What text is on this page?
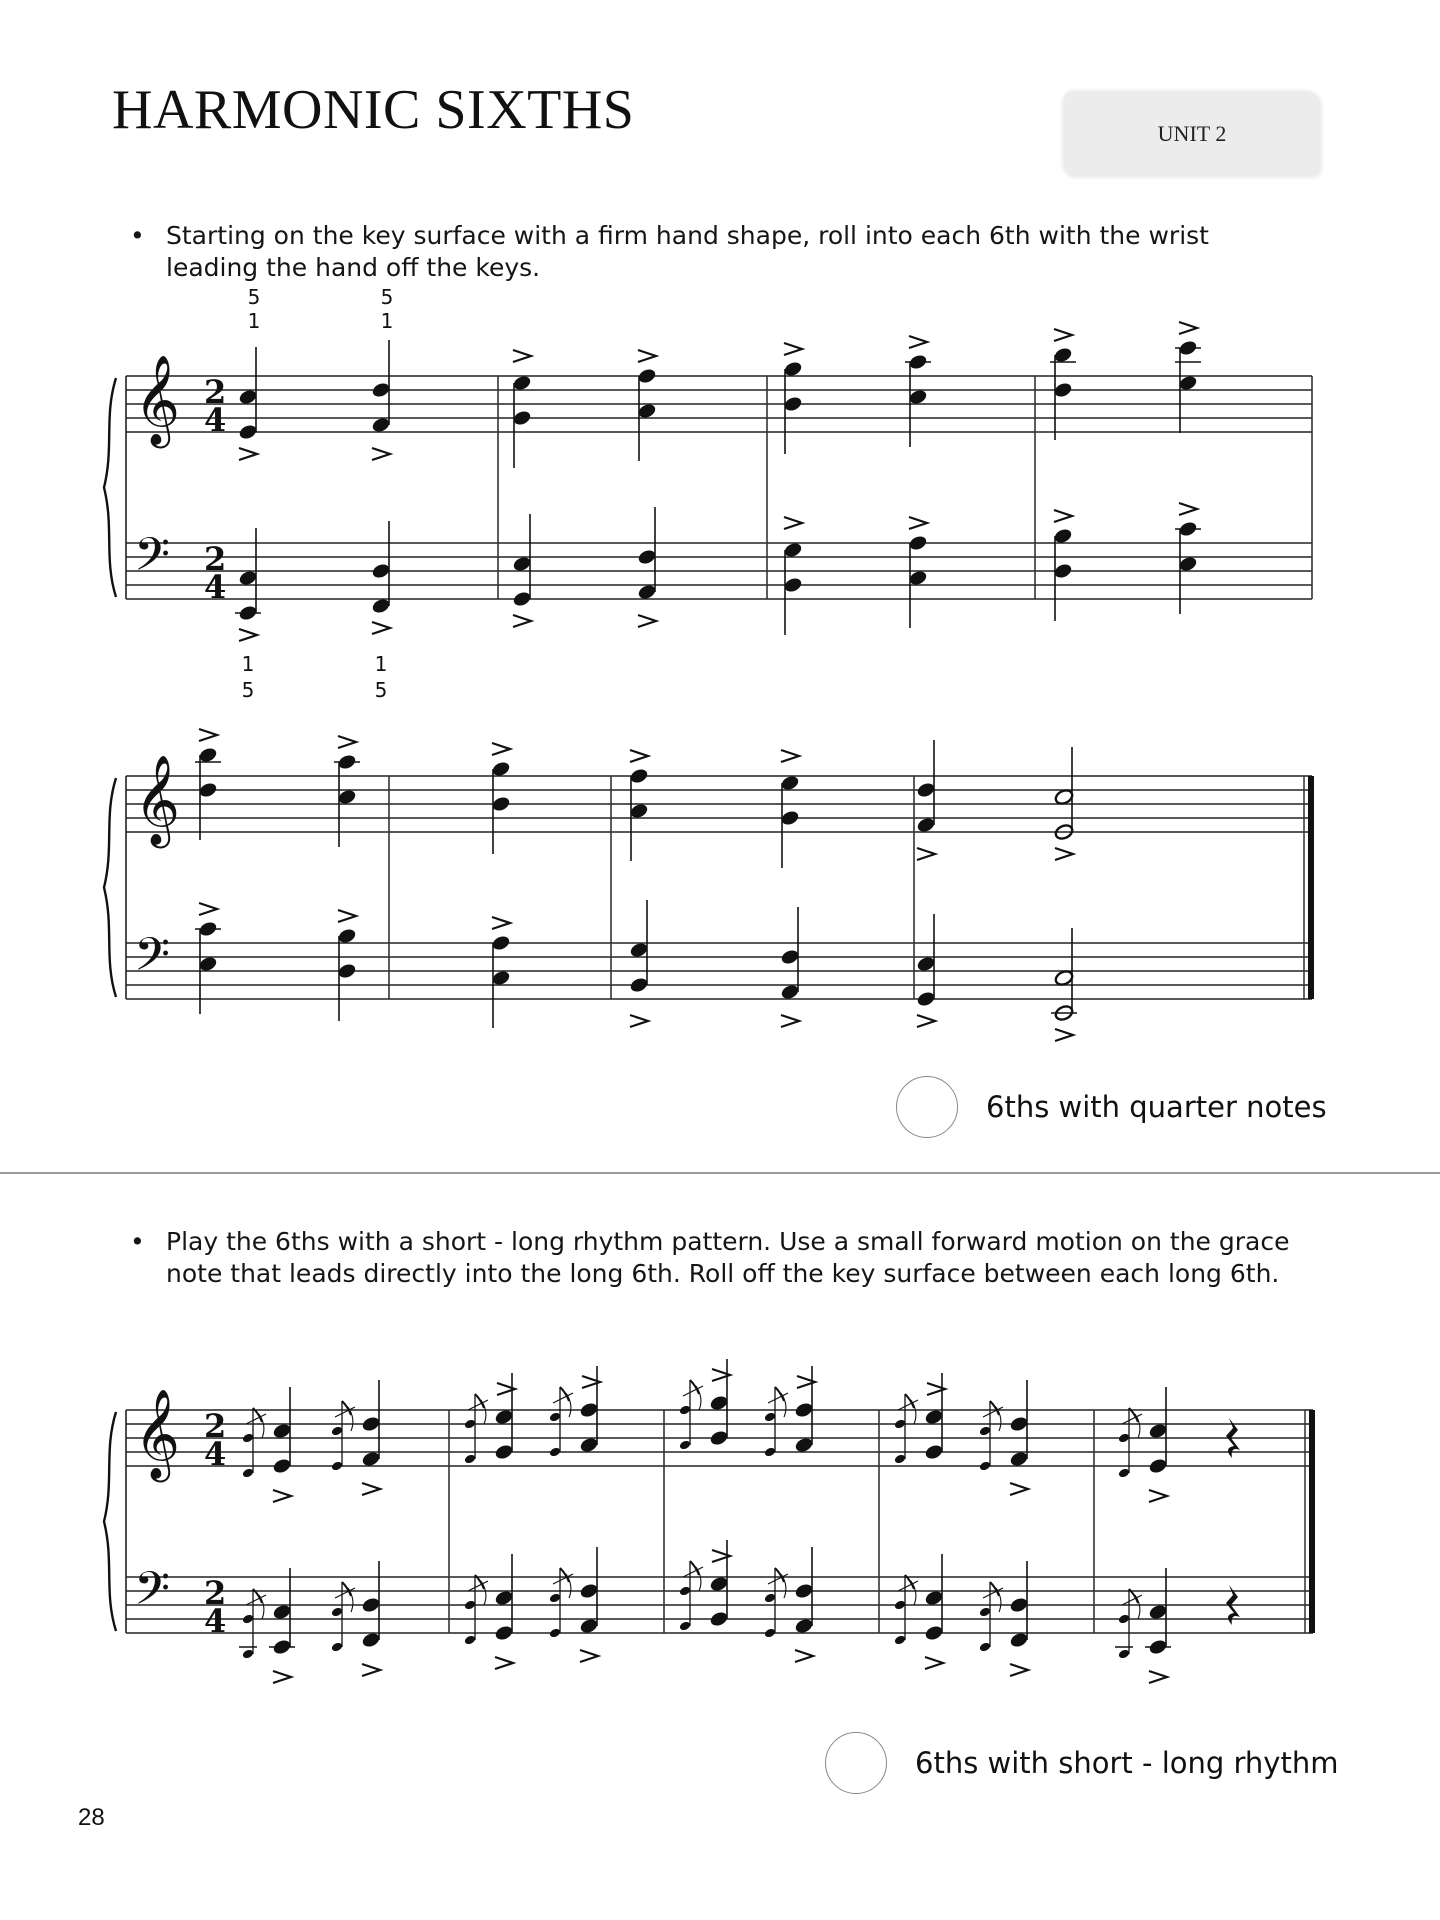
HARMONIC SIXTHS	UNIT 2
• Starting on the key surface with a firm hand shape, roll into each 6th with the wrist leading the hand off the keys.
𝄞 2
4
𝄢 2
4
5
1
5
1
1
5
1
5
𝄞
𝄢
𝄞 2
4
𝄢 2
4
6ths with quarter notes
• Play the 6ths with a short - long rhythm pattern. Use a small forward motion on the grace note that leads directly into the long 6th. Roll off the key surface between each long 6th.
6ths with short - long rhythm
28
